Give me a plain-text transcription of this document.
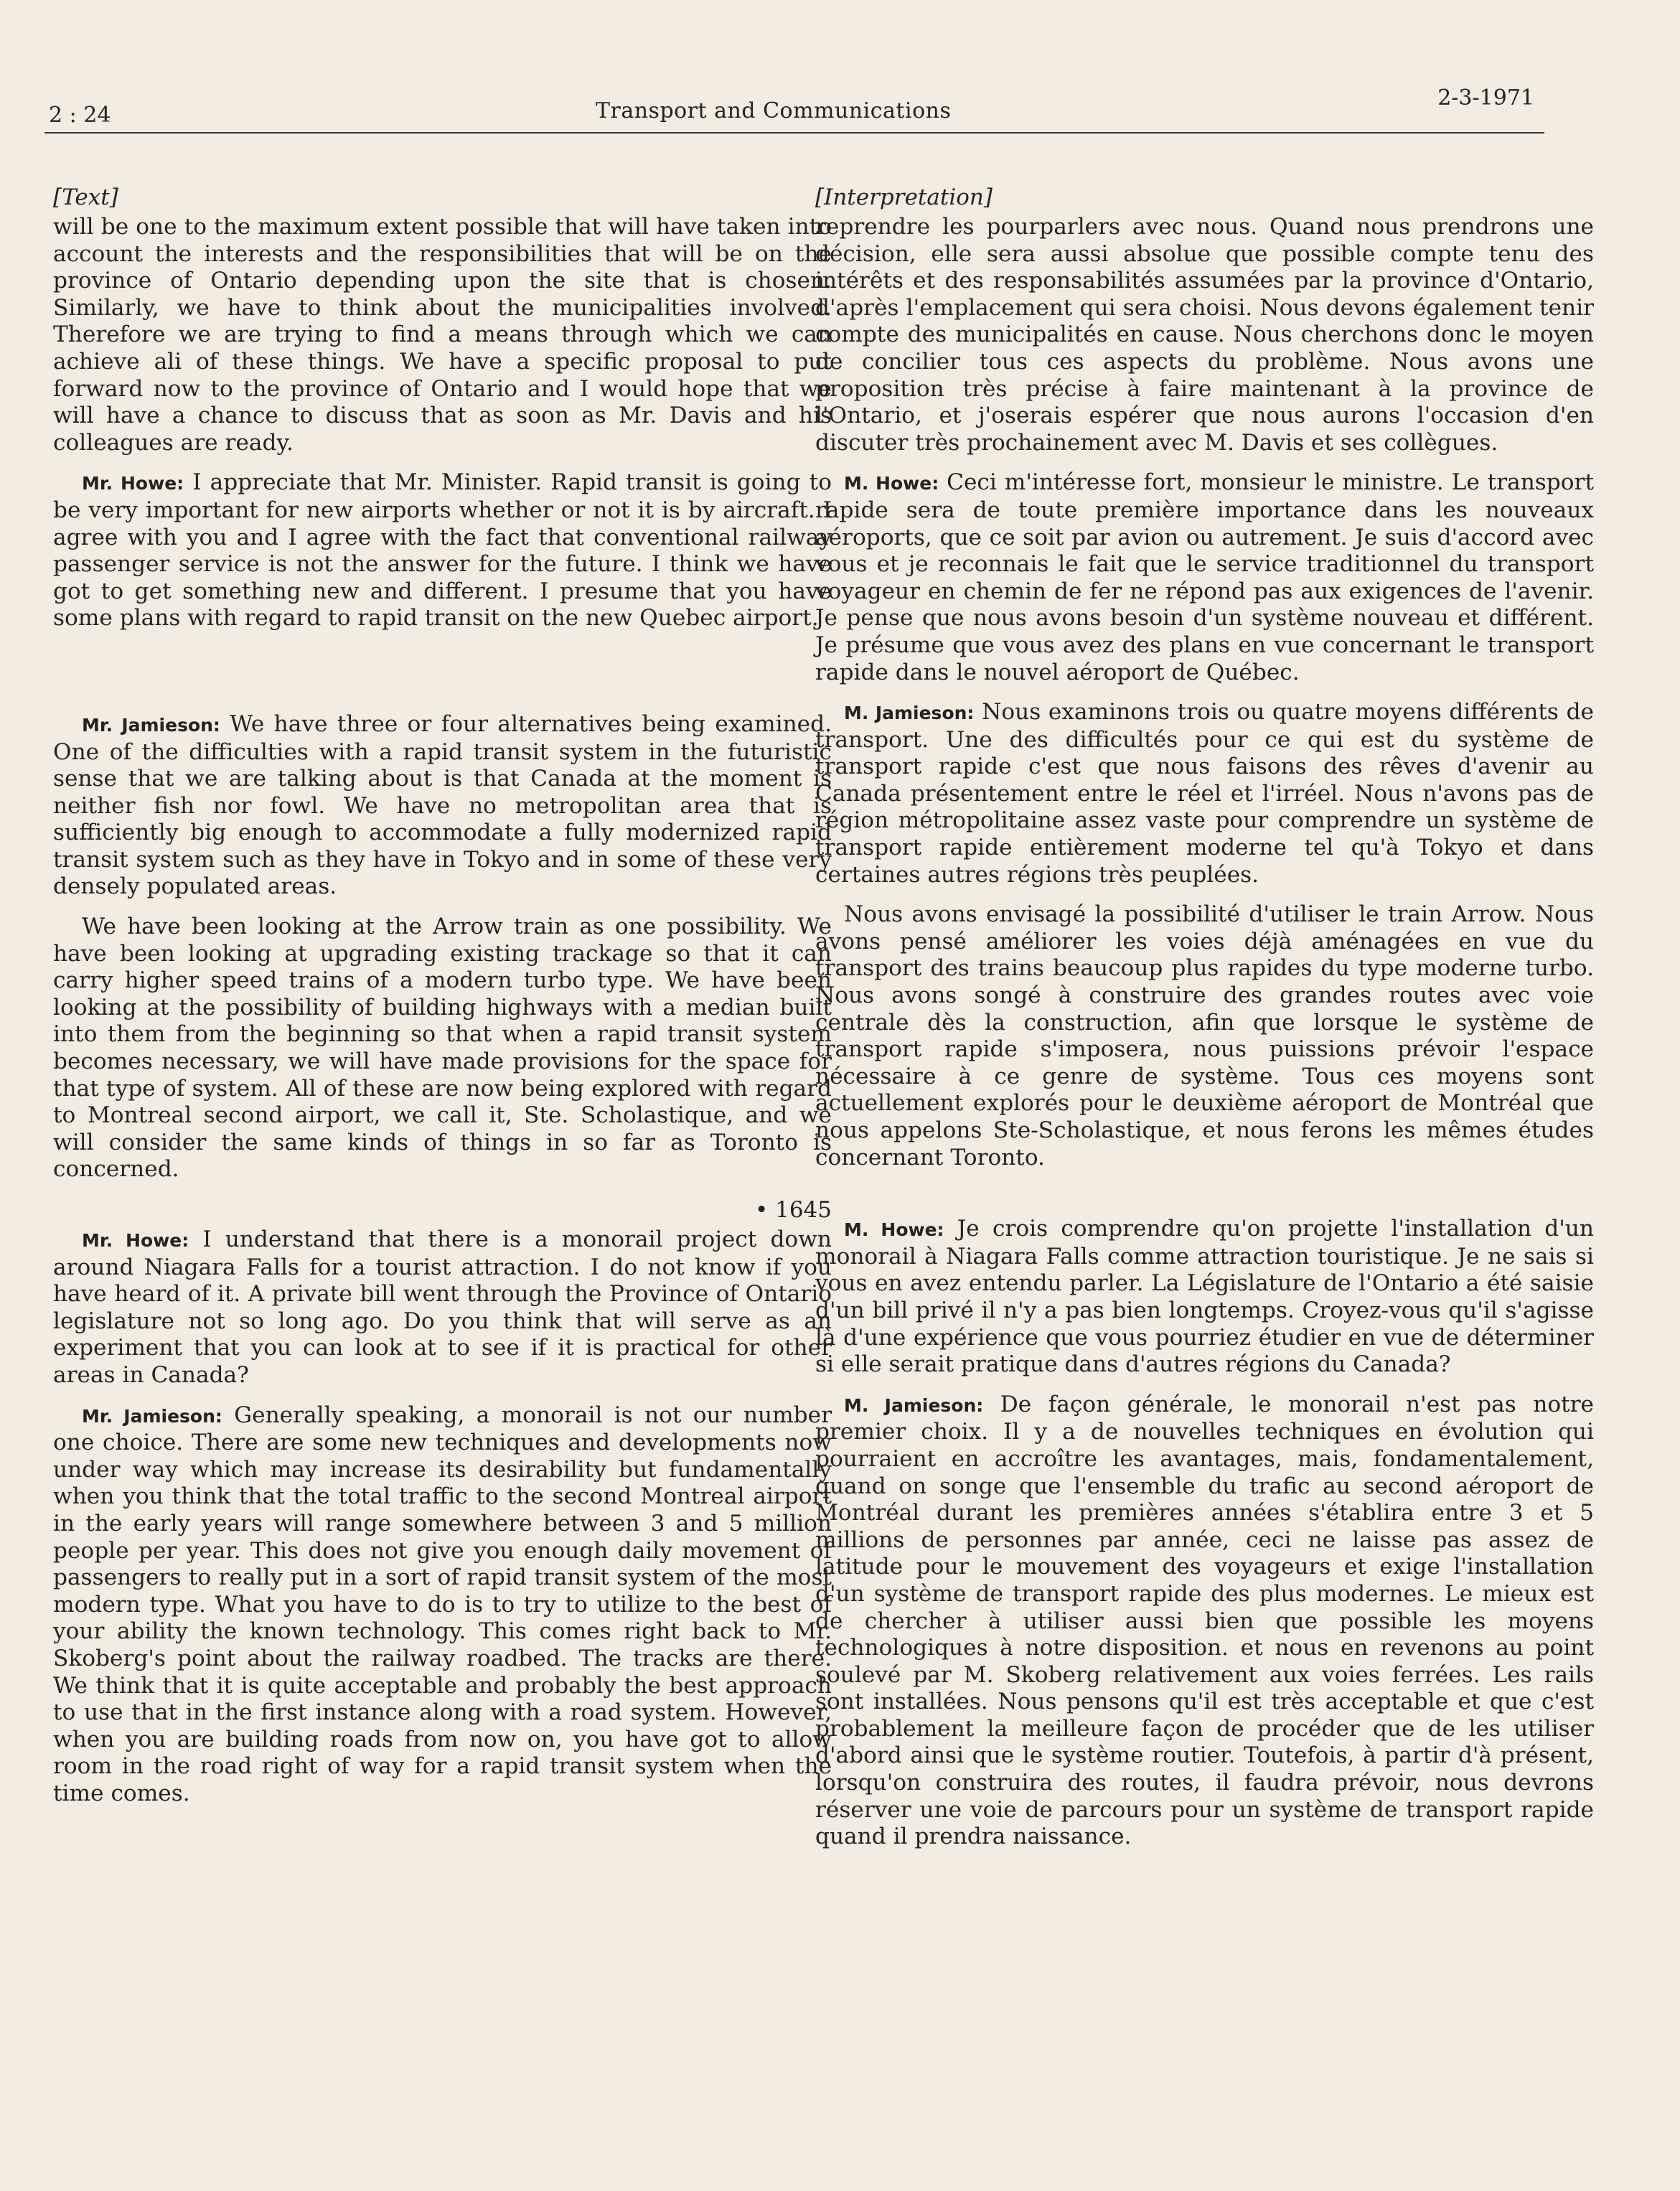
2 : 24	Transport and Communications
2-3-1971
[Text]

will be one to the maximum extent possible that will have taken into account the interests and the responsibilities that will be on the province of Ontario depending upon the site that is chosen. Similarly, we have to think about the municipalities involved. Therefore we are trying to find a means through which we can achieve ali of these things. We have a specific proposal to put forward now to the province of Ontario and I would hope that we will have a chance to discuss that as soon as Mr. Davis and his colleagues are ready.

Mr. Howe: I appreciate that Mr. Minister. Rapid transit is going to be very important for new airports whether or not it is by aircraft. I agree with you and I agree with the fact that conventional railway passenger service is not the answer for the future. I think we have got to get something new and different. I presume that you have some plans with regard to rapid transit on the new Quebec airport.

Mr. Jamieson: We have three or four alternatives being examined. One of the difficulties with a rapid transit system in the futuristic sense that we are talking about is that Canada at the moment is neither fish nor fowl. We have no metropolitan area that is sufficiently big enough to accommodate a fully modernized rapid transit system such as they have in Tokyo and in some of these very densely populated areas.

We have been looking at the Arrow train as one possibility. We have been looking at upgrading existing trackage so that it can carry higher speed trains of a modern turbo type. We have been looking at the possibility of building highways with a median built into them from the beginning so that when a rapid transit system becomes necessary, we will have made provisions for the space for that type of system. All of these are now being explored with regard to Montreal second airport, we call it, Ste. Scholastique, and we will consider the same kinds of things in so far as Toronto is concerned.

• 1645

Mr. Howe: I understand that there is a monorail project down around Niagara Falls for a tourist attraction. I do not know if you have heard of it. A private bill went through the Province of Ontario legislature not so long ago. Do you think that will serve as an experiment that you can look at to see if it is practical for other areas in Canada?

Mr. Jamieson: Generally speaking, a monorail is not our number one choice. There are some new techniques and developments now under way which may increase its desirability but fundamentally when you think that the total traffic to the second Montreal airport in the early years will range somewhere between 3 and 5 million people per year. This does not give you enough daily movement of passengers to really put in a sort of rapid transit system of the most modern type. What you have to do is to try to utilize to the best of your ability the known technology. This comes right back to Mr. Skoberg's point about the railway roadbed. The tracks are there. We think that it is quite acceptable and probably the best approach to use that in the first instance along with a road system. However, when you are building roads from now on, you have got to allow room in the road right of way for a rapid transit system when the time comes.

[Interpretation]

reprendre les pourparlers avec nous. Quand nous prendrons une décision, elle sera aussi absolue que possible compte tenu des intérêts et des responsabilités assumées par la province d'Ontario, d'après l'emplacement qui sera choisi. Nous devons également tenir compte des municipalités en cause. Nous cherchons donc le moyen de concilier tous ces aspects du problème. Nous avons une proposition très précise à faire maintenant à la province de l'Ontario, et j'oserais espérer que nous aurons l'occasion d'en discuter très prochainement avec M. Davis et ses collègues.

M. Howe: Ceci m'intéresse fort, monsieur le ministre. Le transport rapide sera de toute première importance dans les nouveaux aéroports, que ce soit par avion ou autrement. Je suis d'accord avec vous et je reconnais le fait que le service traditionnel du transport voyageur en chemin de fer ne répond pas aux exigences de l'avenir. Je pense que nous avons besoin d'un système nouveau et différent. Je présume que vous avez des plans en vue concernant le transport rapide dans le nouvel aéroport de Québec.

M. Jamieson: Nous examinons trois ou quatre moyens différents de transport. Une des difficultés pour ce qui est du système de transport rapide c'est que nous faisons des rêves d'avenir au Canada présentement entre le réel et l'irréel. Nous n'avons pas de région métropolitaine assez vaste pour comprendre un système de transport rapide entièrement moderne tel qu'à Tokyo et dans certaines autres régions très peuplées.

Nous avons envisagé la possibilité d'utiliser le train Arrow. Nous avons pensé améliorer les voies déjà aménagées en vue du transport des trains beaucoup plus rapides du type moderne turbo. Nous avons songé à construire des grandes routes avec voie centrale dès la construction, afin que lorsque le système de transport rapide s'imposera, nous puissions prévoir l'espace nécessaire à ce genre de système. Tous ces moyens sont actuellement explorés pour le deuxième aéroport de Montréal que nous appelons Ste-Scholastique, et nous ferons les mêmes études concernant Toronto.

M. Howe: Je crois comprendre qu'on projette l'installation d'un monorail à Niagara Falls comme attraction touristique. Je ne sais si vous en avez entendu parler. La Législature de l'Ontario a été saisie d'un bill privé il n'y a pas bien longtemps. Croyez-vous qu'il s'agisse là d'une expérience que vous pourriez étudier en vue de déterminer si elle serait pratique dans d'autres régions du Canada?

M. Jamieson: De façon générale, le monorail n'est pas notre premier choix. Il y a de nouvelles techniques en évolution qui pourraient en accroître les avantages, mais, fondamentalement, quand on songe que l'ensemble du trafic au second aéroport de Montréal durant les premières années s'établira entre 3 et 5 millions de personnes par année, ceci ne laisse pas assez de latitude pour le mouvement des voyageurs et exige l'installation d'un système de transport rapide des plus modernes. Le mieux est de chercher à utiliser aussi bien que possible les moyens technologiques à notre disposition. et nous en revenons au point soulevé par M. Skoberg relativement aux voies ferrées. Les rails sont installées. Nous pensons qu'il est très acceptable et que c'est probablement la meilleure façon de procéder que de les utiliser d'abord ainsi que le système routier. Toutefois, à partir d'à présent, lorsqu'on construira des routes, il faudra prévoir, nous devrons réserver une voie de parcours pour un système de transport rapide quand il prendra naissance.
